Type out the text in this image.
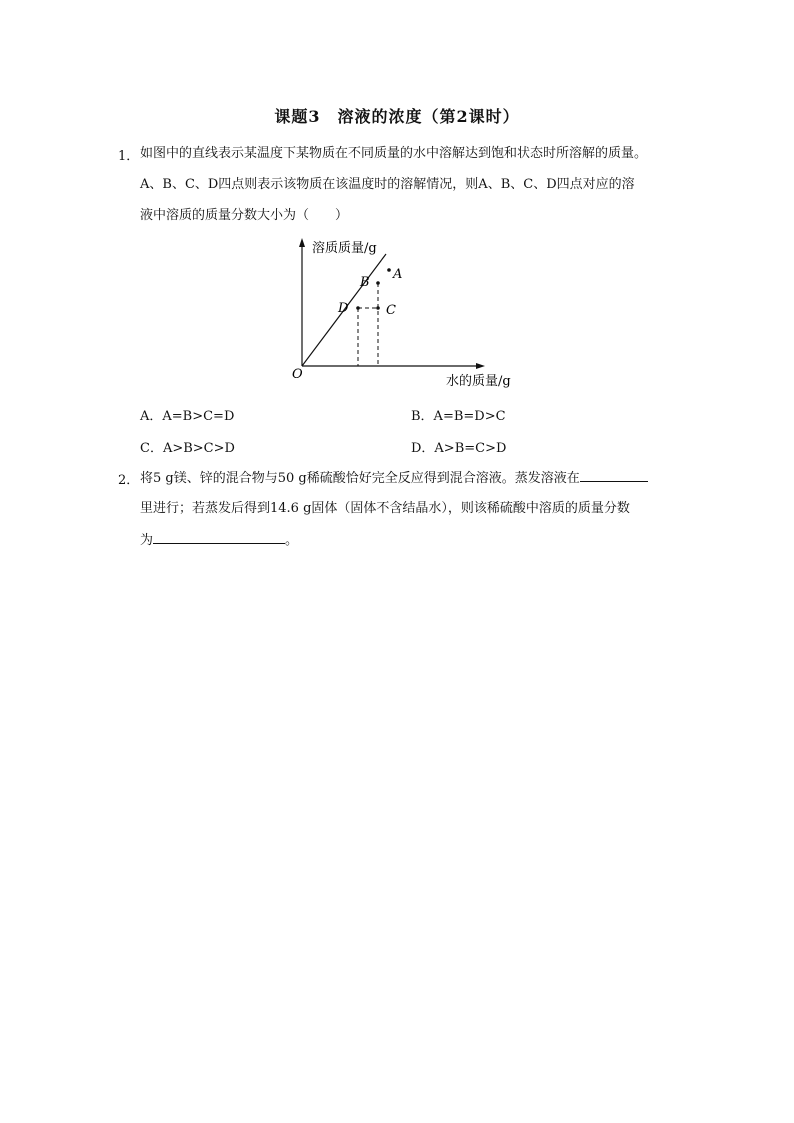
课题3　溶液的浓度（第2课时）
1． 如图中的直线表示某温度下某物质在不同质量的水中溶解达到饱和状态时所溶解的质量。
A、B、C、D四点则表示该物质在该温度时的溶解情况，则A、B、C、D四点对应的溶
液中溶质的质量分数大小为（　　）
溶质质量/g
水的质量/g
O
A
B
C
D
A．A=B>C=D	B．A=B=D>C
C．A>B>C>D	D．A>B=C>D
2． 将5 g镁、锌的混合物与50 g稀硫酸恰好完全反应得到混合溶液。蒸发溶液在
里进行；若蒸发后得到14.6 g固体（固体不含结晶水），则该稀硫酸中溶质的质量分数
为	。
